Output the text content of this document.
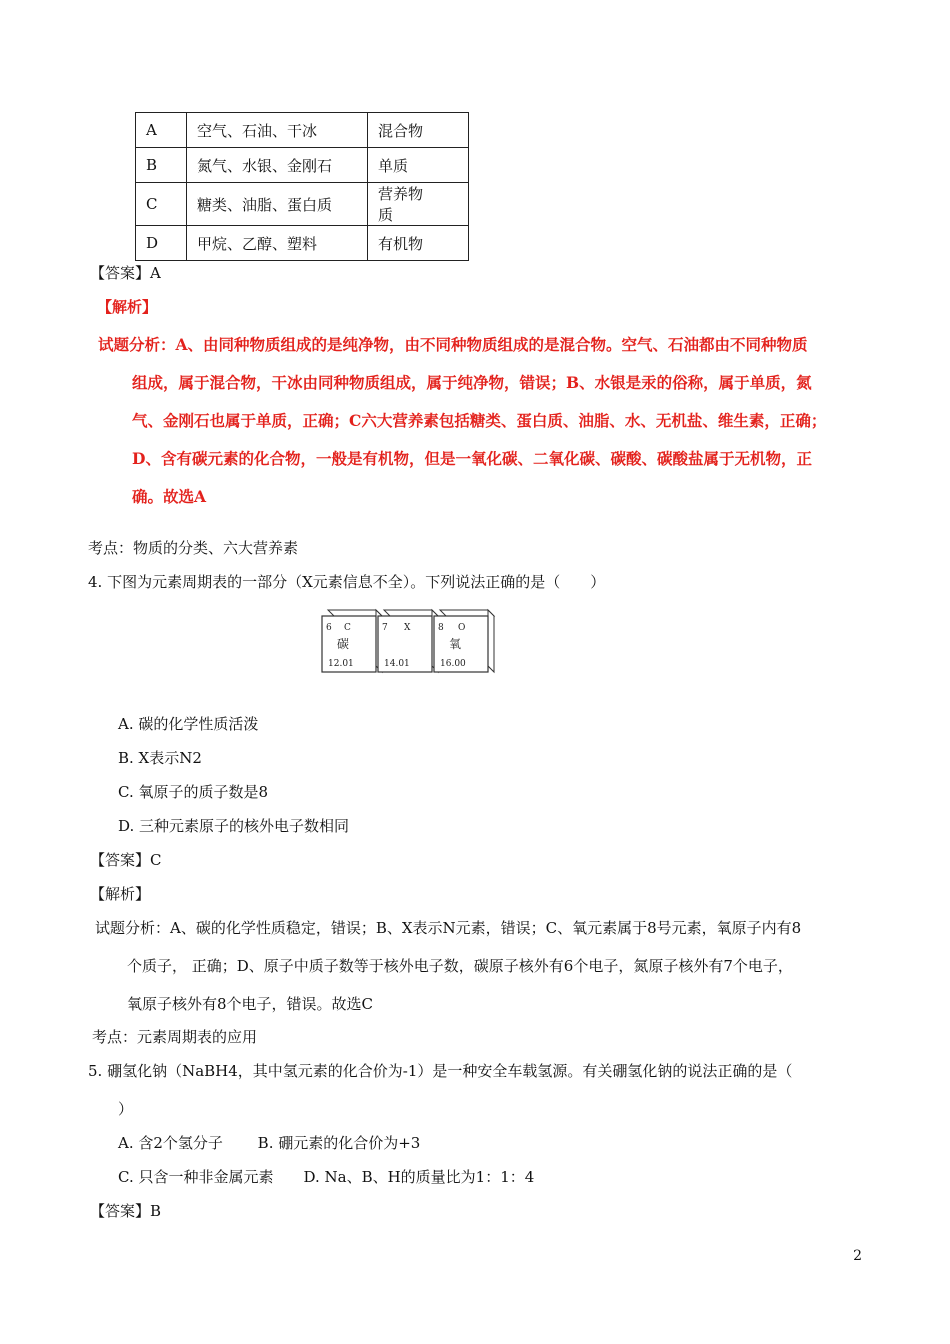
A	空气、石油、干冰	混合物
B	氮气、水银、金刚石	单质
C	糖类、油脂、蛋白质	营养物质
D	甲烷、乙醇、塑料	有机物
【答案】A
【解析】
试题分析：A、由同种物质组成的是纯净物，由不同种物质组成的是混合物。空气、石油都由不同种物质
组成，属于混合物，干冰由同种物质组成，属于纯净物，错误；B、水银是汞的俗称，属于单质，氮
气、金刚石也属于单质，正确；C六大营养素包括糖类、蛋白质、油脂、水、无机盐、维生素，正确；
D、含有碳元素的化合物，一般是有机物，但是一氧化碳、二氧化碳、碳酸、碳酸盐属于无机物，正
确。故选A
考点：物质的分类、六大营养素
4. 下图为元素周期表的一部分（X元素信息不全）。下列说法正确的是（　　）
6 C
碳
12.01
7 X
14.01
8 O
氧
16.00
A. 碳的化学性质活泼
B. X表示N2
C. 氧原子的质子数是8
D. 三种元素原子的核外电子数相同
【答案】C
【解析】
试题分析：A、碳的化学性质稳定，错误；B、X表示N元素，错误；C、氧元素属于8号元素，氧原子内有8
个质子， 正确；D、原子中质子数等于核外电子数，碳原子核外有6个电子，氮原子核外有7个电子，
氧原子核外有8个电子，错误。故选C
考点：元素周期表的应用
5. 硼氢化钠（NaBH4，其中氢元素的化合价为-1）是一种安全车载氢源。有关硼氢化钠的说法正确的是（
）
A. 含2个氢分子　　 B. 硼元素的化合价为+3
C. 只含一种非金属元素　　D. Na、B、H的质量比为1：1：4
【答案】B
2
